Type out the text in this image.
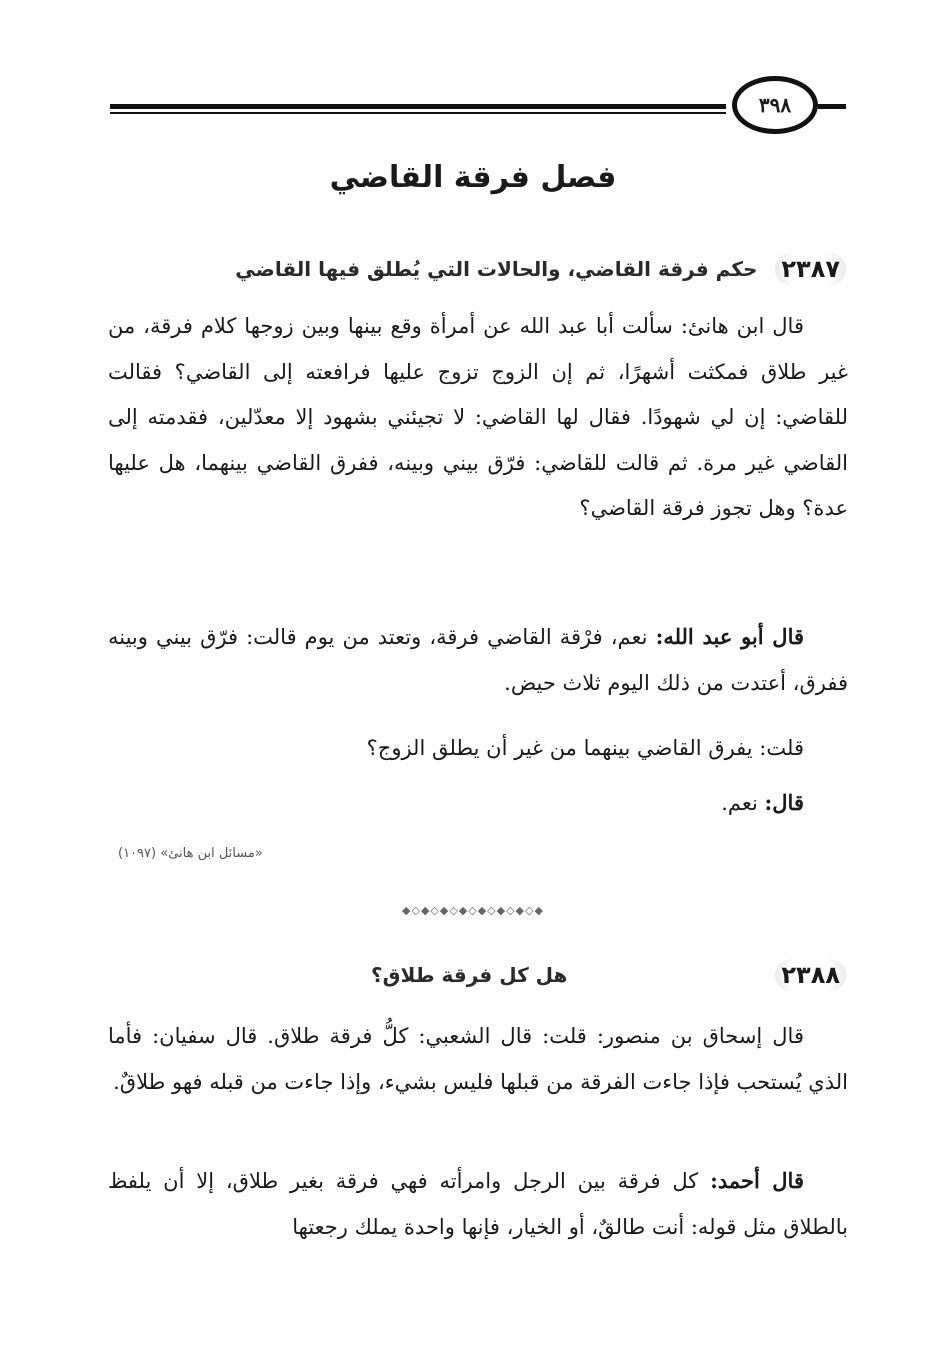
٣٩٨
فصل فرقة القاضي
٢٣٨٧
حكم فرقة القاضي، والحالات التي يُطلق فيها القاضي

قال ابن هانئ: سألت أبا عبد الله عن أمرأة وقع بينها وبين زوجها كلام فرقة، من غير طلاق فمكثت أشهرًا، ثم إن الزوج تزوج عليها فرافعته إلى القاضي؟ فقالت للقاضي: إن لي شهودًا. فقال لها القاضي: لا تجيئني بشهود إلا معدّلين، فقدمته إلى القاضي غير مرة. ثم قالت للقاضي: فرّق بيني وبينه، ففرق القاضي بينهما، هل عليها عدة؟ وهل تجوز فرقة القاضي؟

قال أبو عبد الله: نعم، فرْقة القاضي فرقة، وتعتد من يوم قالت: فرّق بيني وبينه ففرق، أعتدت من ذلك اليوم ثلاث حيض.

قلت: يفرق القاضي بينهما من غير أن يطلق الزوج؟

قال: نعم.

«مسائل ابن هانئ» (١٠٩٧)
◆◇◆◇◆◇◆◇◆◇◆◇◆◇◆
٢٣٨٨
هل كل فرقة طلاق؟

قال إسحاق بن منصور: قلت: قال الشعبي: كلُّ فرقة طلاق. قال سفيان: فأما الذي يُستحب فإذا جاءت الفرقة من قبلها فليس بشيء، وإذا جاءت من قبله فهو طلاقٌ.

قال أحمد: كل فرقة بين الرجل وامرأته فهي فرقة بغير طلاق، إلا أن يلفظ بالطلاق مثل قوله: أنت طالقٌ، أو الخيار، فإنها واحدة يملك رجعتها
